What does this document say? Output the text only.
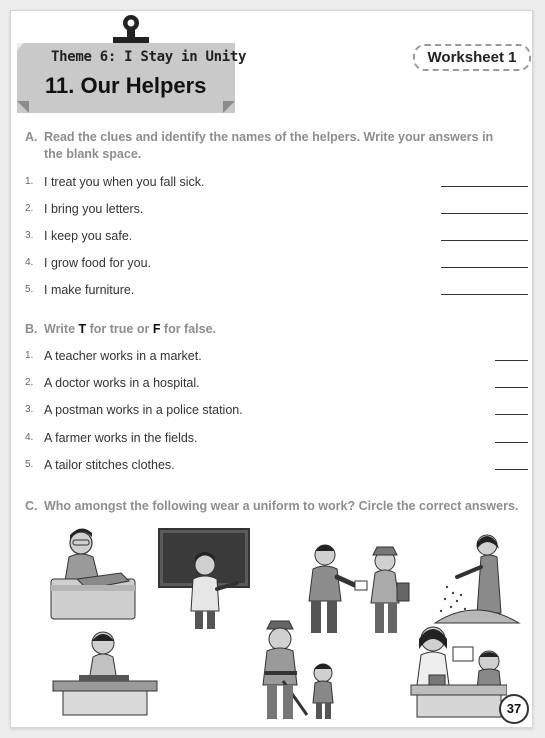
Theme 6: I Stay in Unity
11. Our Helpers
Worksheet 1
A. Read the clues and identify the names of the helpers. Write your answers in
the blank space.
1. I treat you when you fall sick.
2. I bring you letters.
3. I keep you safe.
4. I grow food for you.
5. I make furniture.
B. Write T for true or F for false.
1. A teacher works in a market.
2. A doctor works in a hospital.
3. A postman works in a police station.
4. A farmer works in the fields.
5. A tailor stitches clothes.
C. Who amongst the following wear a uniform to work? Circle the correct answers.
37
